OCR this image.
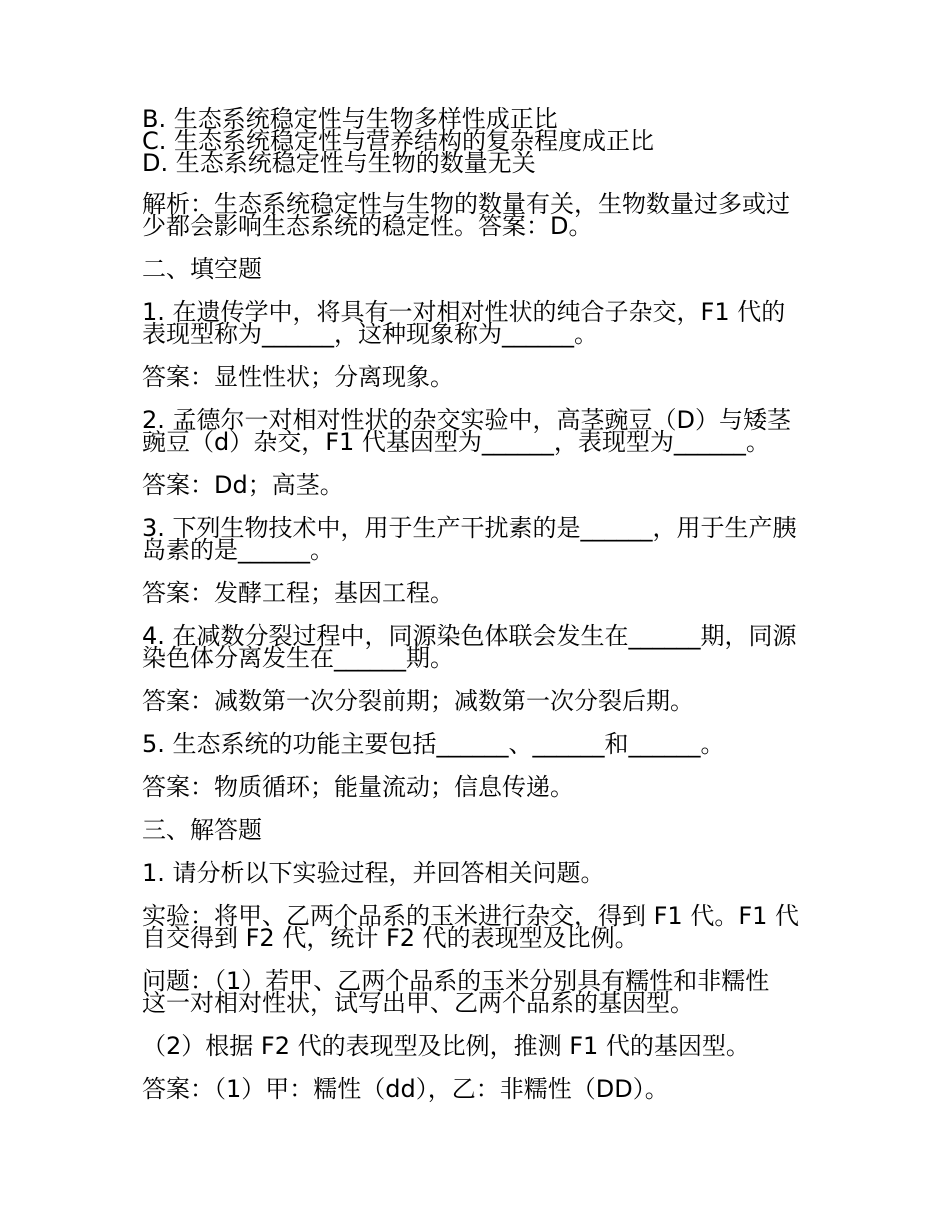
B. 生态系统稳定性与生物多样性成正比
C. 生态系统稳定性与营养结构的复杂程度成正比
D. 生态系统稳定性与生物的数量无关
解析：生态系统稳定性与生物的数量有关，生物数量过多或过
少都会影响生态系统的稳定性。答案：D。
二、填空题
1. 在遗传学中，将具有一对相对性状的纯合子杂交，F1 代的
表现型称为______，这种现象称为______。
答案：显性性状；分离现象。
2. 孟德尔一对相对性状的杂交实验中，高茎豌豆（D）与矮茎
豌豆（d）杂交，F1 代基因型为______，表现型为______。
答案：Dd；高茎。
3. 下列生物技术中，用于生产干扰素的是______，用于生产胰
岛素的是______。
答案：发酵工程；基因工程。
4. 在减数分裂过程中，同源染色体联会发生在______期，同源
染色体分离发生在______期。
答案：减数第一次分裂前期；减数第一次分裂后期。
5. 生态系统的功能主要包括______、______和______。
答案：物质循环；能量流动；信息传递。
三、解答题
1. 请分析以下实验过程，并回答相关问题。
实验：将甲、乙两个品系的玉米进行杂交，得到 F1 代。F1 代
自交得到 F2 代，统计 F2 代的表现型及比例。
问题：（1）若甲、乙两个品系的玉米分别具有糯性和非糯性
这一对相对性状，试写出甲、乙两个品系的基因型。
（2）根据 F2 代的表现型及比例，推测 F1 代的基因型。
答案：（1）甲：糯性（dd），乙：非糯性（DD）。
